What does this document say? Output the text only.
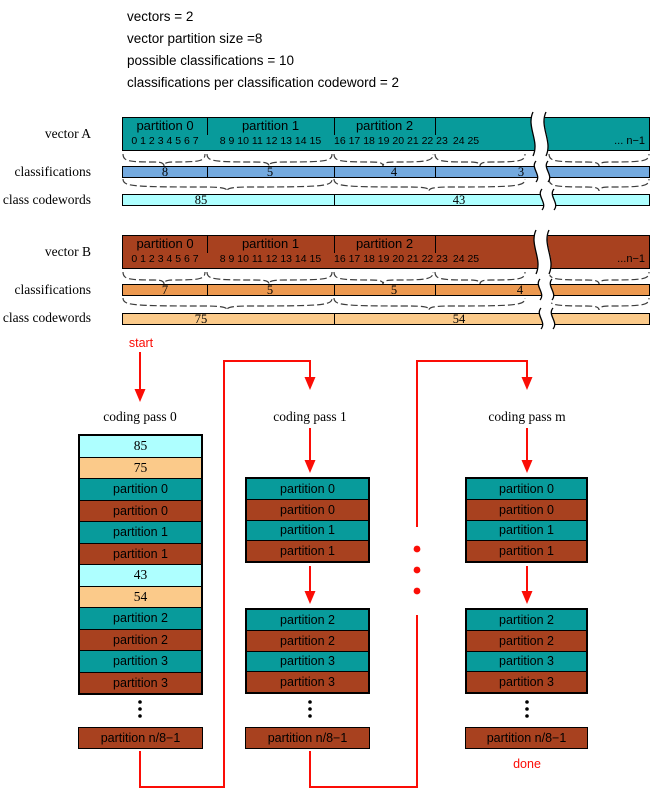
vectors = 2
vector partition size =8
possible classifications = 10
classifications per classification codeword = 2
vector A
classifications
class codewords
vector B
classifications
class codewords
partition 0	partition 1	partition 2
0 1 2 3 4 5 6 7	8 9 10 11 12 13 14 15	16 17 18 19 20 21 22 23 24 25	... n−1
8	5	4	3
85	43
partition 0	partition 1	partition 2
0 1 2 3 4 5 6 7	8 9 10 11 12 13 14 15	16 17 18 19 20 21 22 23 24 25	...n−1
7	5	5	4
75	54
start
done
coding pass 0	coding pass 1	coding pass m
85
75
partition 0
partition 0
partition 1
partition 1
43
54
partition 2
partition 2
partition 3
partition 3
partition n/8−1
partition 0
partition 0
partition 1
partition 1
partition 2
partition 2
partition 3
partition 3
partition n/8−1
partition 0
partition 0
partition 1
partition 1
partition 2
partition 2
partition 3
partition 3
partition n/8−1
